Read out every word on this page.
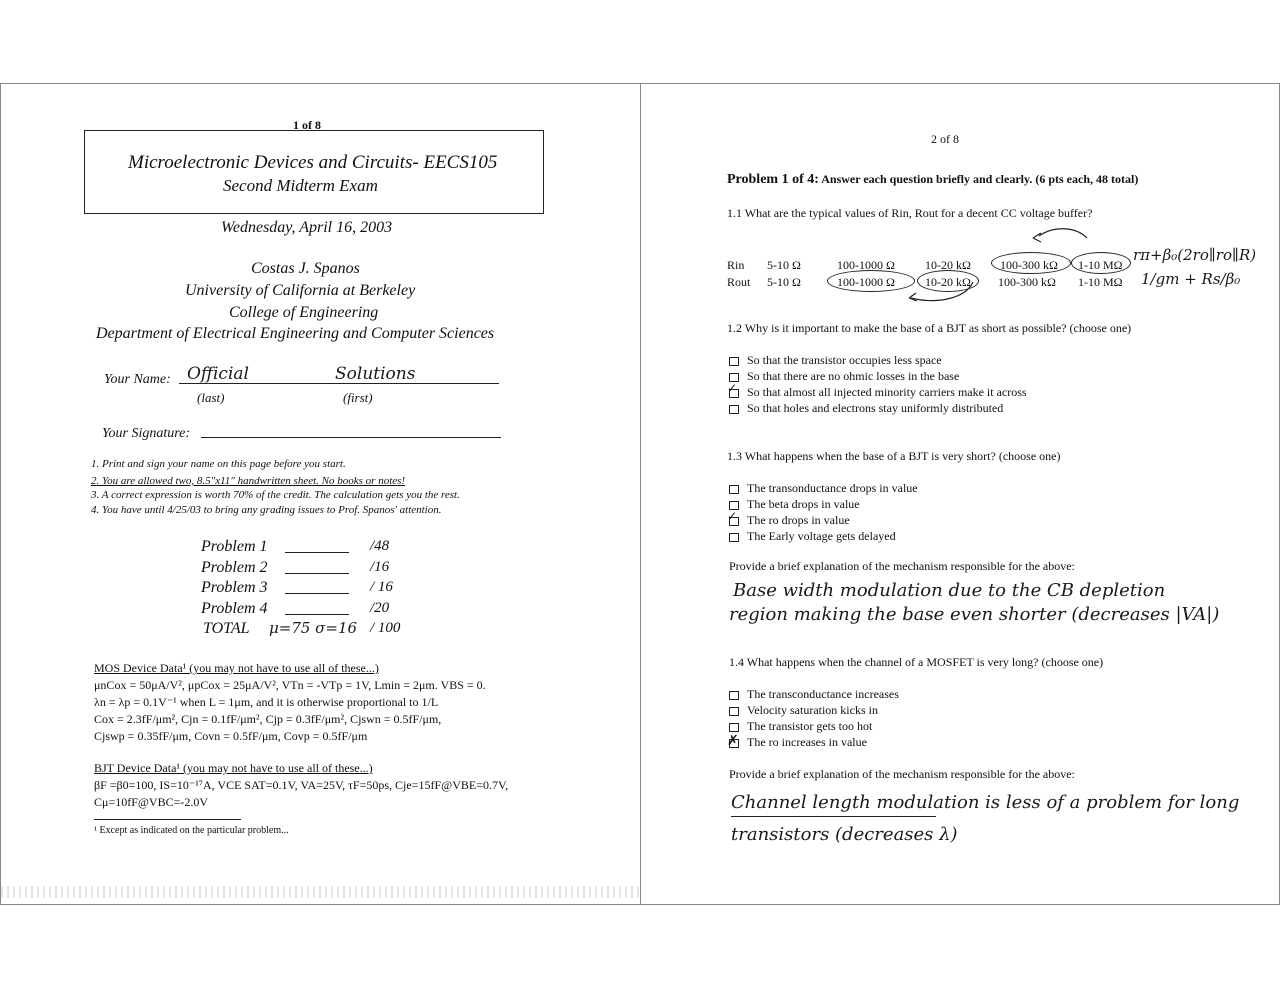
1 of 8
Microelectronic Devices and Circuits- EECS105
Second Midterm Exam
Wednesday, April 16, 2003
Costas J. Spanos
University of California at Berkeley
College of Engineering
Department of Electrical Engineering and Computer Sciences
Your Name: Official	Solutions
(last)	(first)
Your Signature:
1. Print and sign your name on this page before you start.
2. You are allowed two, 8.5"x11" handwritten sheet. No books or notes!
3. A correct expression is worth 70% of the credit. The calculation gets you the rest.
4. You have until 4/25/03 to bring any grading issues to Prof. Spanos' attention.
Problem 1	/48
Problem 2	/16
Problem 3	/ 16
Problem 4	/20
TOTAL μ=75 σ=16 / 100
MOS Device Data¹ (you may not have to use all of these...)
μnCox = 50μA/V², μpCox = 25μA/V², VTn = -VTp = 1V, Lmin = 2μm. VBS = 0.
λn = λp = 0.1V⁻¹ when L = 1μm, and it is otherwise proportional to 1/L
Cox = 2.3fF/μm², Cjn = 0.1fF/μm², Cjp = 0.3fF/μm², Cjswn = 0.5fF/μm,
Cjswp = 0.35fF/μm, Covn = 0.5fF/μm, Covp = 0.5fF/μm
BJT Device Data¹ (you may not have to use all of these...)
βF =β0=100, IS=10⁻¹⁷A, VCE SAT=0.1V, VA=25V, τF=50ps, Cje=15fF@VBE=0.7V,
Cμ=10fF@VBC=-2.0V
¹ Except as indicated on the particular problem...
2 of 8
Problem 1 of 4: Answer each question briefly and clearly. (6 pts each, 48 total)
1.1 What are the typical values of Rin, Rout for a decent CC voltage buffer?
Rin 5-10 Ω	100-1000 Ω	10-20 kΩ 100-300 kΩ 1-10 MΩ
Rout 5-10 Ω	100-1000 Ω	10-20 kΩ 100-300 kΩ 1-10 MΩ
rπ+β₀(2ro∥ro∥R)
1/gm + Rs/β₀
1.2 Why is it important to make the base of a BJT as short as possible? (choose one)
So that the transistor occupies less space
So that there are no ohmic losses in the base
So that almost all injected minority carriers make it across
So that holes and electrons stay uniformly distributed
✓
1.3 What happens when the base of a BJT is very short? (choose one)
The transonductance drops in value
The beta drops in value
The ro drops in value
The Early voltage gets delayed
✓
Provide a brief explanation of the mechanism responsible for the above:
Base width modulation due to the CB depletion
region making the base even shorter (decreases |VA|)
1.4 What happens when the channel of a MOSFET is very long? (choose one)
The transconductance increases
Velocity saturation kicks in
The transistor gets too hot
The ro increases in value
✗
Provide a brief explanation of the mechanism responsible for the above:
Channel length modulation is less of a problem for long
transistors (decreases λ)
